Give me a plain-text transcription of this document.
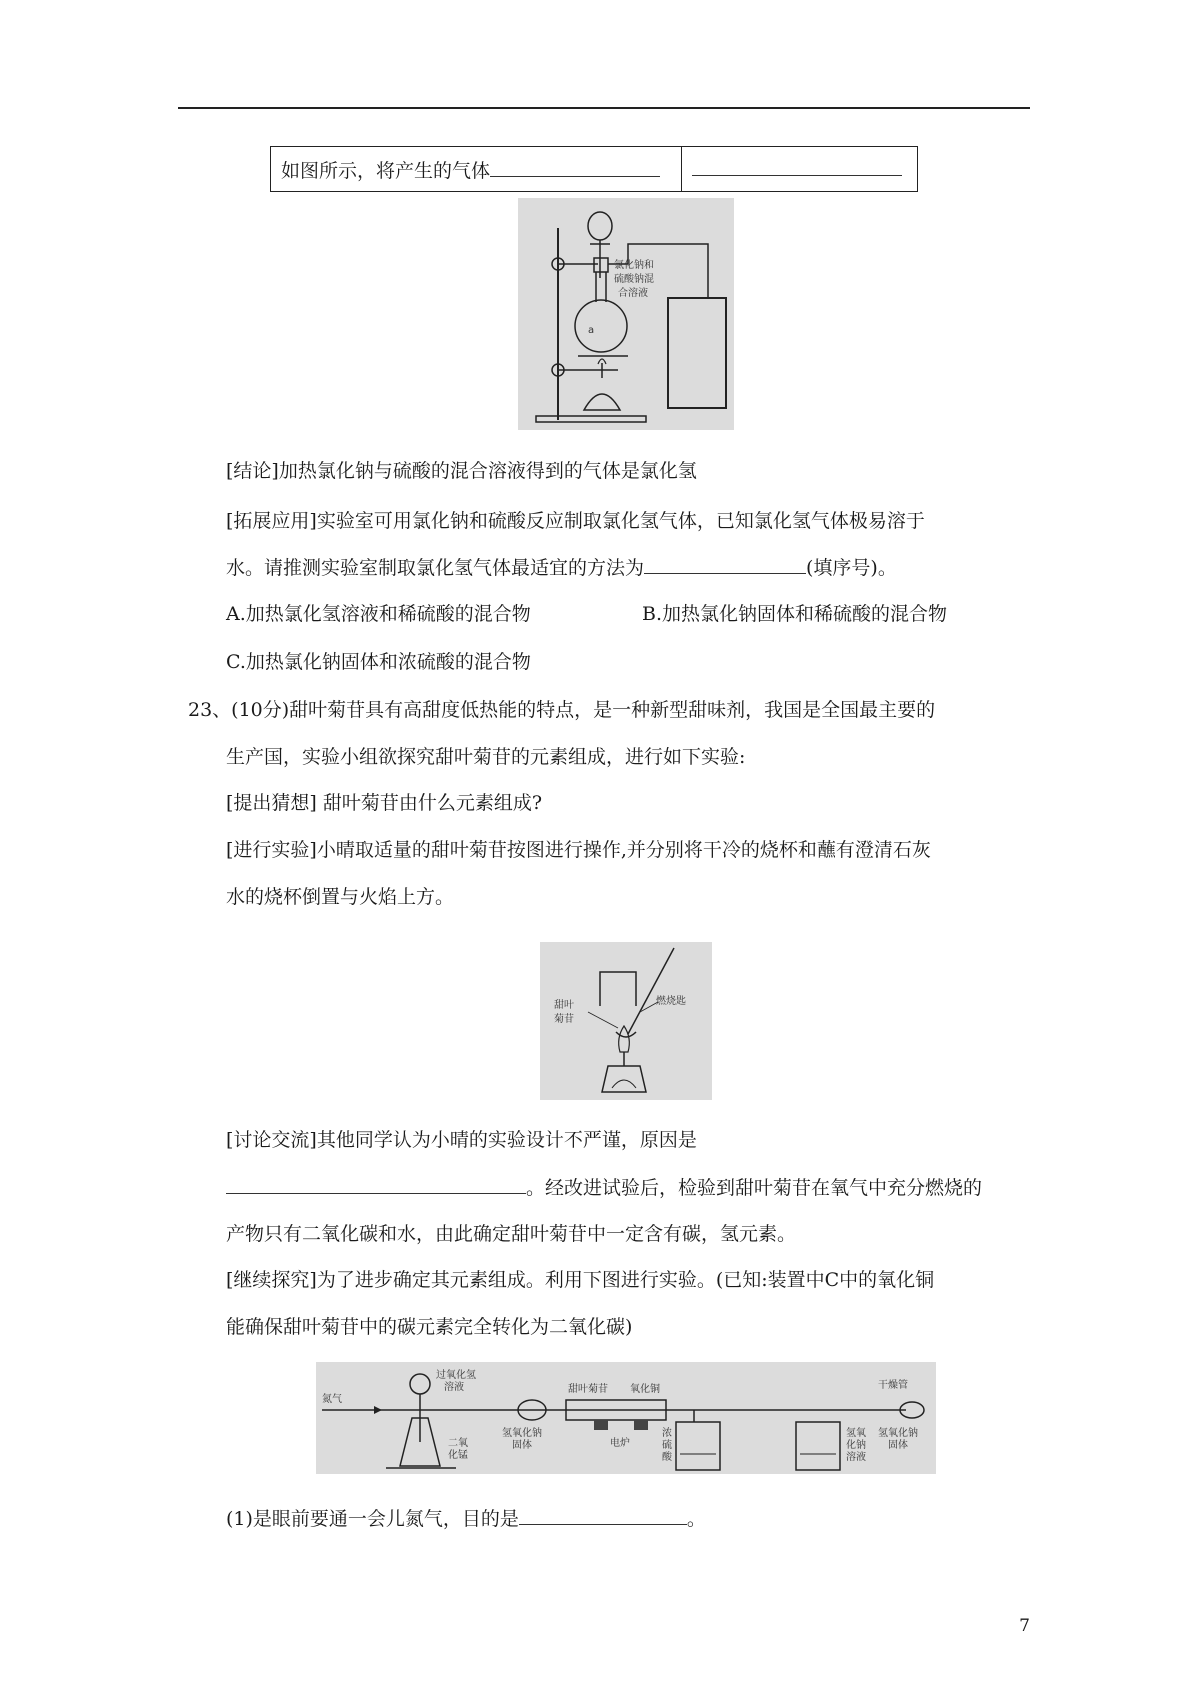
如图所示，将产生的气体	
a
氯化钠和
硫酸钠混
合溶液
[结论]加热氯化钠与硫酸的混合溶液得到的气体是氯化氢
[拓展应用]实验室可用氯化钠和硫酸反应制取氯化氢气体，已知氯化氢气体极易溶于
水。请推测实验室制取氯化氢气体最适宜的方法为	(填序号)。
A.加热氯化氢溶液和稀硫酸的混合物	B.加热氯化钠固体和稀硫酸的混合物
C.加热氯化钠固体和浓硫酸的混合物
23、(10分)甜叶菊苷具有高甜度低热能的特点，是一种新型甜味剂，我国是全国最主要的
生产国，实验小组欲探究甜叶菊苷的元素组成，进行如下实验:
[提出猜想] 甜叶菊苷由什么元素组成?
[进行实验]小晴取适量的甜叶菊苷按图进行操作,并分别将干冷的烧杯和蘸有澄清石灰
水的烧杯倒置与火焰上方。
甜叶
菊苷
燃烧匙
[讨论交流]其他同学认为小晴的实验设计不严谨，原因是
。经改进试验后，检验到甜叶菊苷在氧气中充分燃烧的
产物只有二氧化碳和水，由此确定甜叶菊苷中一定含有碳，氢元素。
[继续探究]为了进步确定其元素组成。利用下图进行实验。(已知:装置中C中的氧化铜
能确保甜叶菊苷中的碳元素完全转化为二氧化碳)
氮气
过氧化氢
溶液
二氧
化锰
氢氧化钠
固体
甜叶菊苷 氧化铜
电炉
浓
硫
酸
氢氧
化钠
溶液
干燥管
氢氧化钠
固体
(1)是眼前要通一会儿氮气，目的是	。
7
